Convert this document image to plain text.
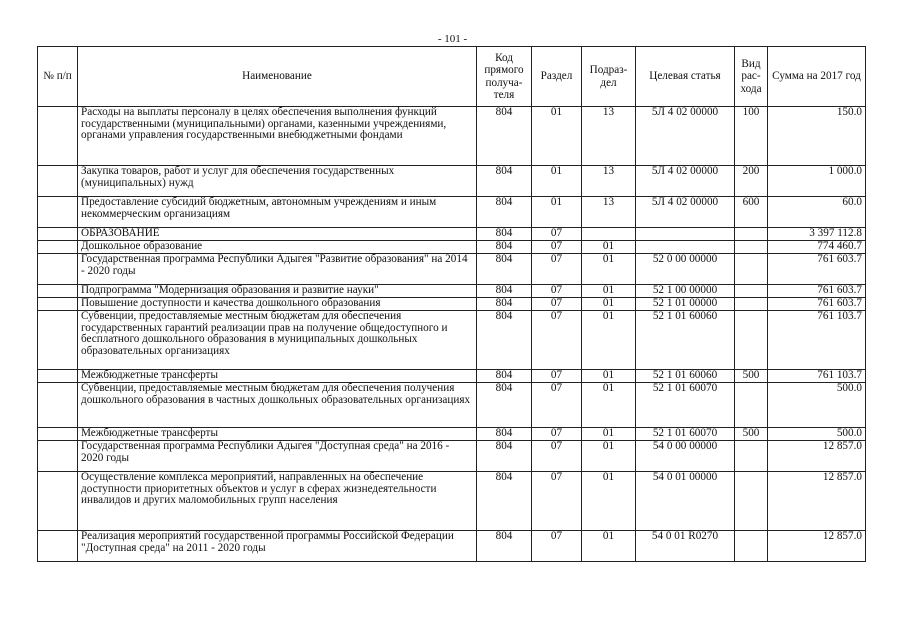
- 101 -
№ п/п	Наименование	Код прямого получа-теля	Раздел	Подраз-дел	Целевая статья	Вид рас-хода	Сумма на 2017 год
	Расходы на выплаты персоналу в целях обеспечения выполнения функций государственными (муниципальными) органами, казенными учреждениями, органами управления государственными внебюджетными фондами	804	01	13	5Л 4 02 00000	100	150.0
	Закупка товаров, работ и услуг для обеспечения государственных (муниципальных) нужд	804	01	13	5Л 4 02 00000	200	1 000.0
	Предоставление субсидий бюджетным, автономным учреждениям и иным некоммерческим организациям	804	01	13	5Л 4 02 00000	600	60.0
	ОБРАЗОВАНИЕ	804	07				3 397 112.8
	Дошкольное образование	804	07	01			774 460.7
	Государственная программа Республики Адыгея "Развитие образования" на 2014 - 2020 годы	804	07	01	52 0 00 00000		761 603.7
	Подпрограмма "Модернизация образования и развитие науки"	804	07	01	52 1 00 00000		761 603.7
	Повышение доступности и качества дошкольного образования	804	07	01	52 1 01 00000		761 603.7
	Субвенции, предоставляемые местным бюджетам для обеспечения государственных гарантий реализации прав на получение общедоступного и бесплатного дошкольного образования в муниципальных дошкольных образовательных организациях	804	07	01	52 1 01 60060		761 103.7
	Межбюджетные трансферты	804	07	01	52 1 01 60060	500	761 103.7
	Субвенции, предоставляемые местным бюджетам для обеспечения получения дошкольного образования в частных дошкольных образовательных организациях	804	07	01	52 1 01 60070		500.0
	Межбюджетные трансферты	804	07	01	52 1 01 60070	500	500.0
	Государственная программа Республики Адыгея "Доступная среда" на 2016 - 2020 годы	804	07	01	54 0 00 00000		12 857.0
	Осуществление комплекса мероприятий, направленных на обеспечение доступности приоритетных объектов и услуг в сферах жизнедеятельности инвалидов и других маломобильных групп населения	804	07	01	54 0 01 00000		12 857.0
	Реализация мероприятий государственной программы Российской Федерации "Доступная среда" на 2011 - 2020 годы	804	07	01	54 0 01 R0270		12 857.0
